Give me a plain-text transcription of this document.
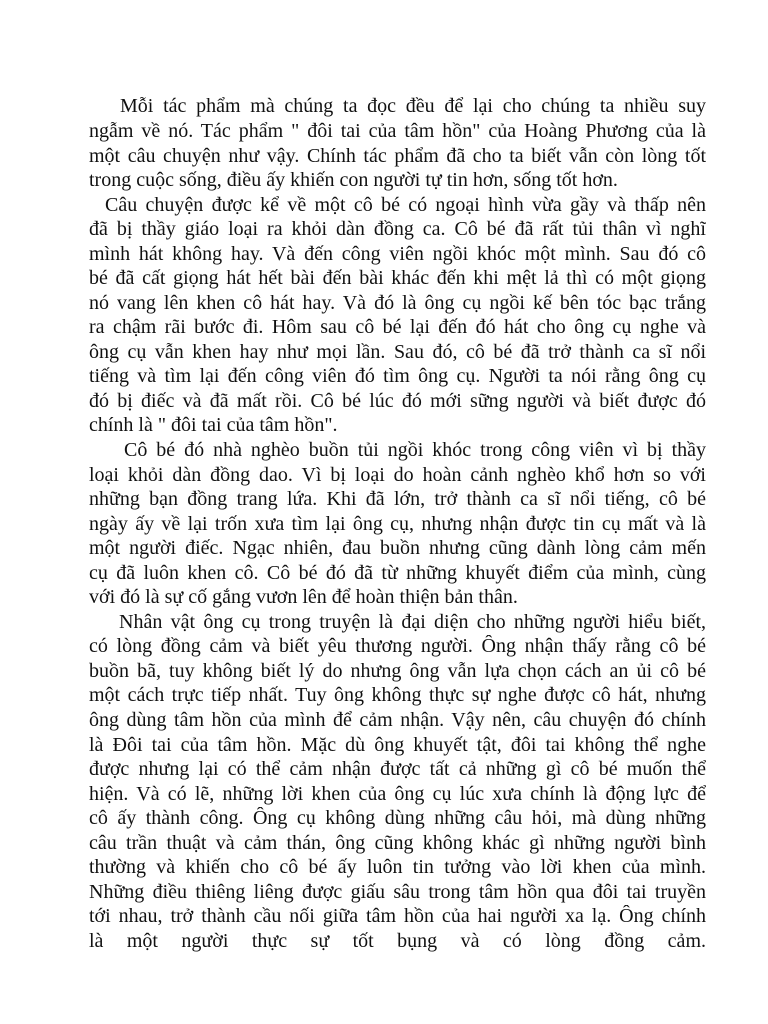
Mỗi tác phẩm mà chúng ta đọc đều để lại cho chúng ta nhiều suy
ngẫm về nó. Tác phẩm " đôi tai của tâm hồn" của Hoàng Phương của là
một câu chuyện như vậy. Chính tác phẩm đã cho ta biết vẫn còn lòng tốt
trong cuộc sống, điều ấy khiến con người tự tin hơn, sống tốt hơn.
Câu chuyện được kể về một cô bé có ngoại hình vừa gầy và thấp nên
đã bị thầy giáo loại ra khỏi dàn đồng ca. Cô bé đã rất tủi thân vì nghĩ
mình hát không hay. Và đến công viên ngồi khóc một mình. Sau đó cô
bé đã cất giọng hát hết bài đến bài khác đến khi mệt lả thì có một giọng
nó vang lên khen cô hát hay. Và đó là ông cụ ngồi kế bên tóc bạc trắng
ra chậm rãi bước đi. Hôm sau cô bé lại đến đó hát cho ông cụ nghe và
ông cụ vẫn khen hay như mọi lần. Sau đó, cô bé đã trở thành ca sĩ nổi
tiếng và tìm lại đến công viên đó tìm ông cụ. Người ta nói rằng ông cụ
đó bị điếc và đã mất rồi. Cô bé lúc đó mới sững người và biết được đó
chính là " đôi tai của tâm hồn".
Cô bé đó nhà nghèo buồn tủi ngồi khóc trong công viên vì bị thầy
loại khỏi dàn đồng dao. Vì bị loại do hoàn cảnh nghèo khổ hơn so với
những bạn đồng trang lứa. Khi đã lớn, trở thành ca sĩ nổi tiếng, cô bé
ngày ấy về lại trốn xưa tìm lại ông cụ, nhưng nhận được tin cụ mất và là
một người điếc. Ngạc nhiên, đau buồn nhưng cũng dành lòng cảm mến
cụ đã luôn khen cô. Cô bé đó đã từ những khuyết điểm của mình, cùng
với đó là sự cố gắng vươn lên để hoàn thiện bản thân.
Nhân vật ông cụ trong truyện là đại diện cho những người hiểu biết,
có lòng đồng cảm và biết yêu thương người. Ông nhận thấy rằng cô bé
buồn bã, tuy không biết lý do nhưng ông vẫn lựa chọn cách an ủi cô bé
một cách trực tiếp nhất. Tuy ông không thực sự nghe được cô hát, nhưng
ông dùng tâm hồn của mình để cảm nhận. Vậy nên, câu chuyện đó chính
là Đôi tai của tâm hồn. Mặc dù ông khuyết tật, đôi tai không thể nghe
được nhưng lại có thể cảm nhận được tất cả những gì cô bé muốn thể
hiện. Và có lẽ, những lời khen của ông cụ lúc xưa chính là động lực để
cô ấy thành công. Ông cụ không dùng những câu hỏi, mà dùng những
câu trần thuật và cảm thán, ông cũng không khác gì những người bình
thường và khiến cho cô bé ấy luôn tin tưởng vào lời khen của mình.
Những điều thiêng liêng được giấu sâu trong tâm hồn qua đôi tai truyền
tới nhau, trở thành cầu nối giữa tâm hồn của hai người xa lạ. Ông chính
là một người thực sự tốt bụng và có lòng đồng cảm.
